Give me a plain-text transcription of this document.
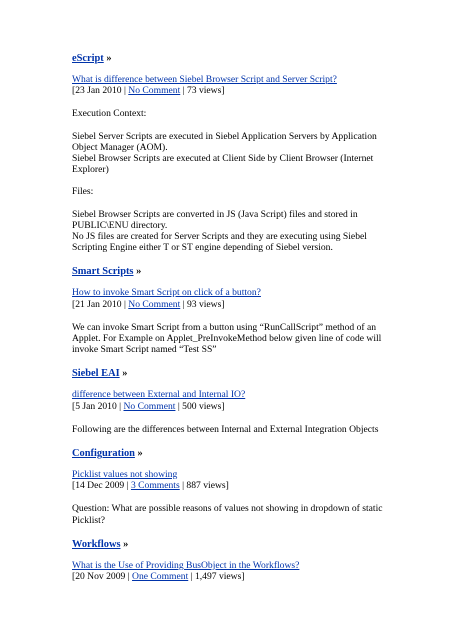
eScript »
What is difference between Siebel Browser Script and Server Script?
[23 Jan 2010 | No Comment | 73 views]

Execution Context:

Siebel Server Scripts are executed in Siebel Application Servers by Application Object Manager (AOM).

Siebel Browser Scripts are executed at Client Side by Client Browser (Internet Explorer)

Files:

Siebel Browser Scripts are converted in JS (Java Script) files and stored in PUBLIC\ENU directory.

No JS files are created for Server Scripts and they are executing using Siebel Scripting Engine either T or ST engine depending of Siebel version.

Smart Scripts »
How to invoke Smart Script on click of a button?
[21 Jan 2010 | No Comment | 93 views]

We can invoke Smart Script from a button using “RunCallScript” method of an Applet. For Example on Applet_PreInvokeMethod below given line of code will invoke Smart Script named “Test SS”

Siebel EAI »
difference between External and Internal IO?
[5 Jan 2010 | No Comment | 500 views]

Following are the differences between Internal and External Integration Objects

Configuration »
Picklist values not showing
[14 Dec 2009 | 3 Comments | 887 views]

Question: What are possible reasons of values not showing in dropdown of static Picklist?

Workflows »
What is the Use of Providing BusObject in the Workflows?
[20 Nov 2009 | One Comment | 1,497 views]
